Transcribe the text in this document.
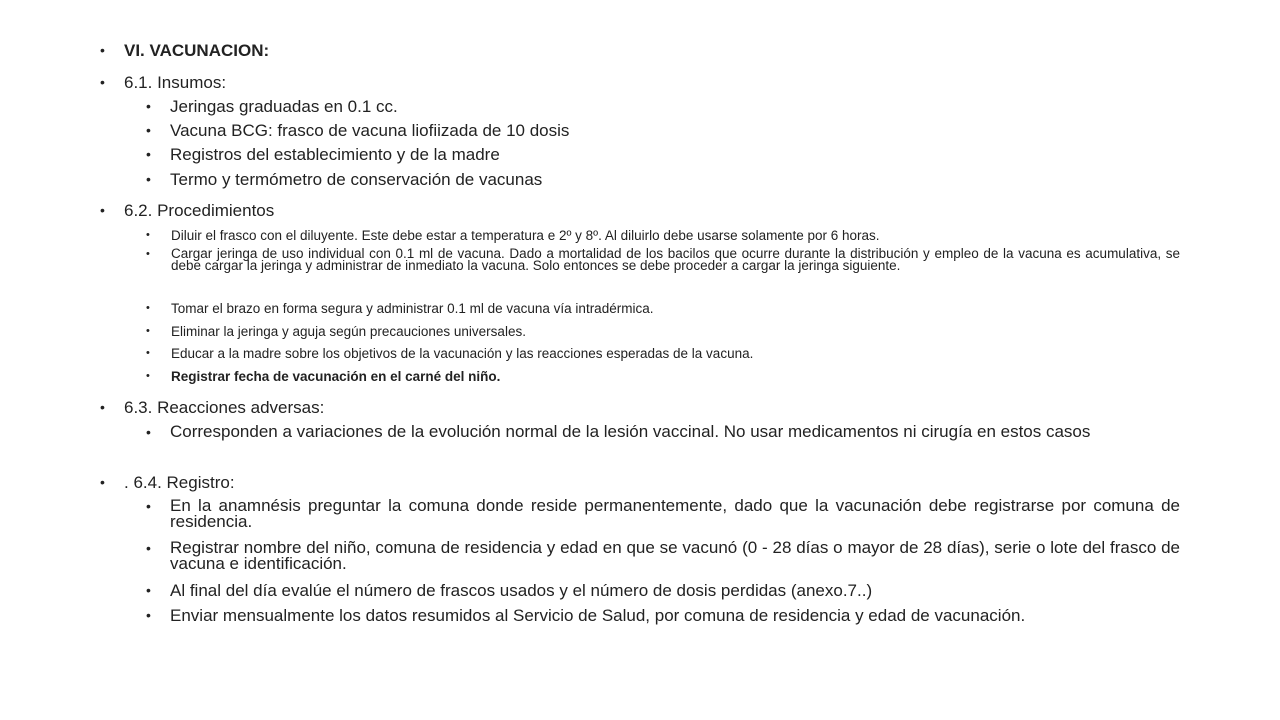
• VI. VACUNACION:
• 6.1. Insumos:
• Jeringas graduadas en 0.1 cc.
• Vacuna BCG: frasco de vacuna liofiizada de 10 dosis
• Registros del establecimiento y de la madre
• Termo y termómetro de conservación de vacunas
• 6.2. Procedimientos
• Diluir el frasco con el diluyente. Este debe estar a temperatura e 2º y 8º. Al diluirlo debe usarse solamente por 6 horas.
• Cargar jeringa de uso individual con 0.1 ml de vacuna. Dado a mortalidad de los bacilos que ocurre durante la distribución y empleo de la vacuna es acumulativa, se debe cargar la jeringa y administrar de inmediato la vacuna. Solo entonces se debe proceder a cargar la jeringa siguiente.
• Tomar el brazo en forma segura y administrar 0.1 ml de vacuna vía intradérmica.
• Eliminar la jeringa y aguja según precauciones universales.
• Educar a la madre sobre los objetivos de la vacunación y las reacciones esperadas de la vacuna.
• Registrar fecha de vacunación en el carné del niño.
• 6.3. Reacciones adversas:
• Corresponden a variaciones de la evolución normal de la lesión vaccinal. No usar medicamentos ni cirugía en estos casos
• . 6.4. Registro:
• En la anamnésis preguntar la comuna donde reside permanentemente, dado que la vacunación debe registrarse por comuna de residencia.
• Registrar nombre del niño, comuna de residencia y edad en que se vacunó (0 - 28 días o mayor de 28 días), serie o lote del frasco de vacuna e identificación.
• Al final del día evalúe el número de frascos usados y el número de dosis perdidas (anexo.7..)
• Enviar mensualmente los datos resumidos al Servicio de Salud, por comuna de residencia y edad de vacunación.
